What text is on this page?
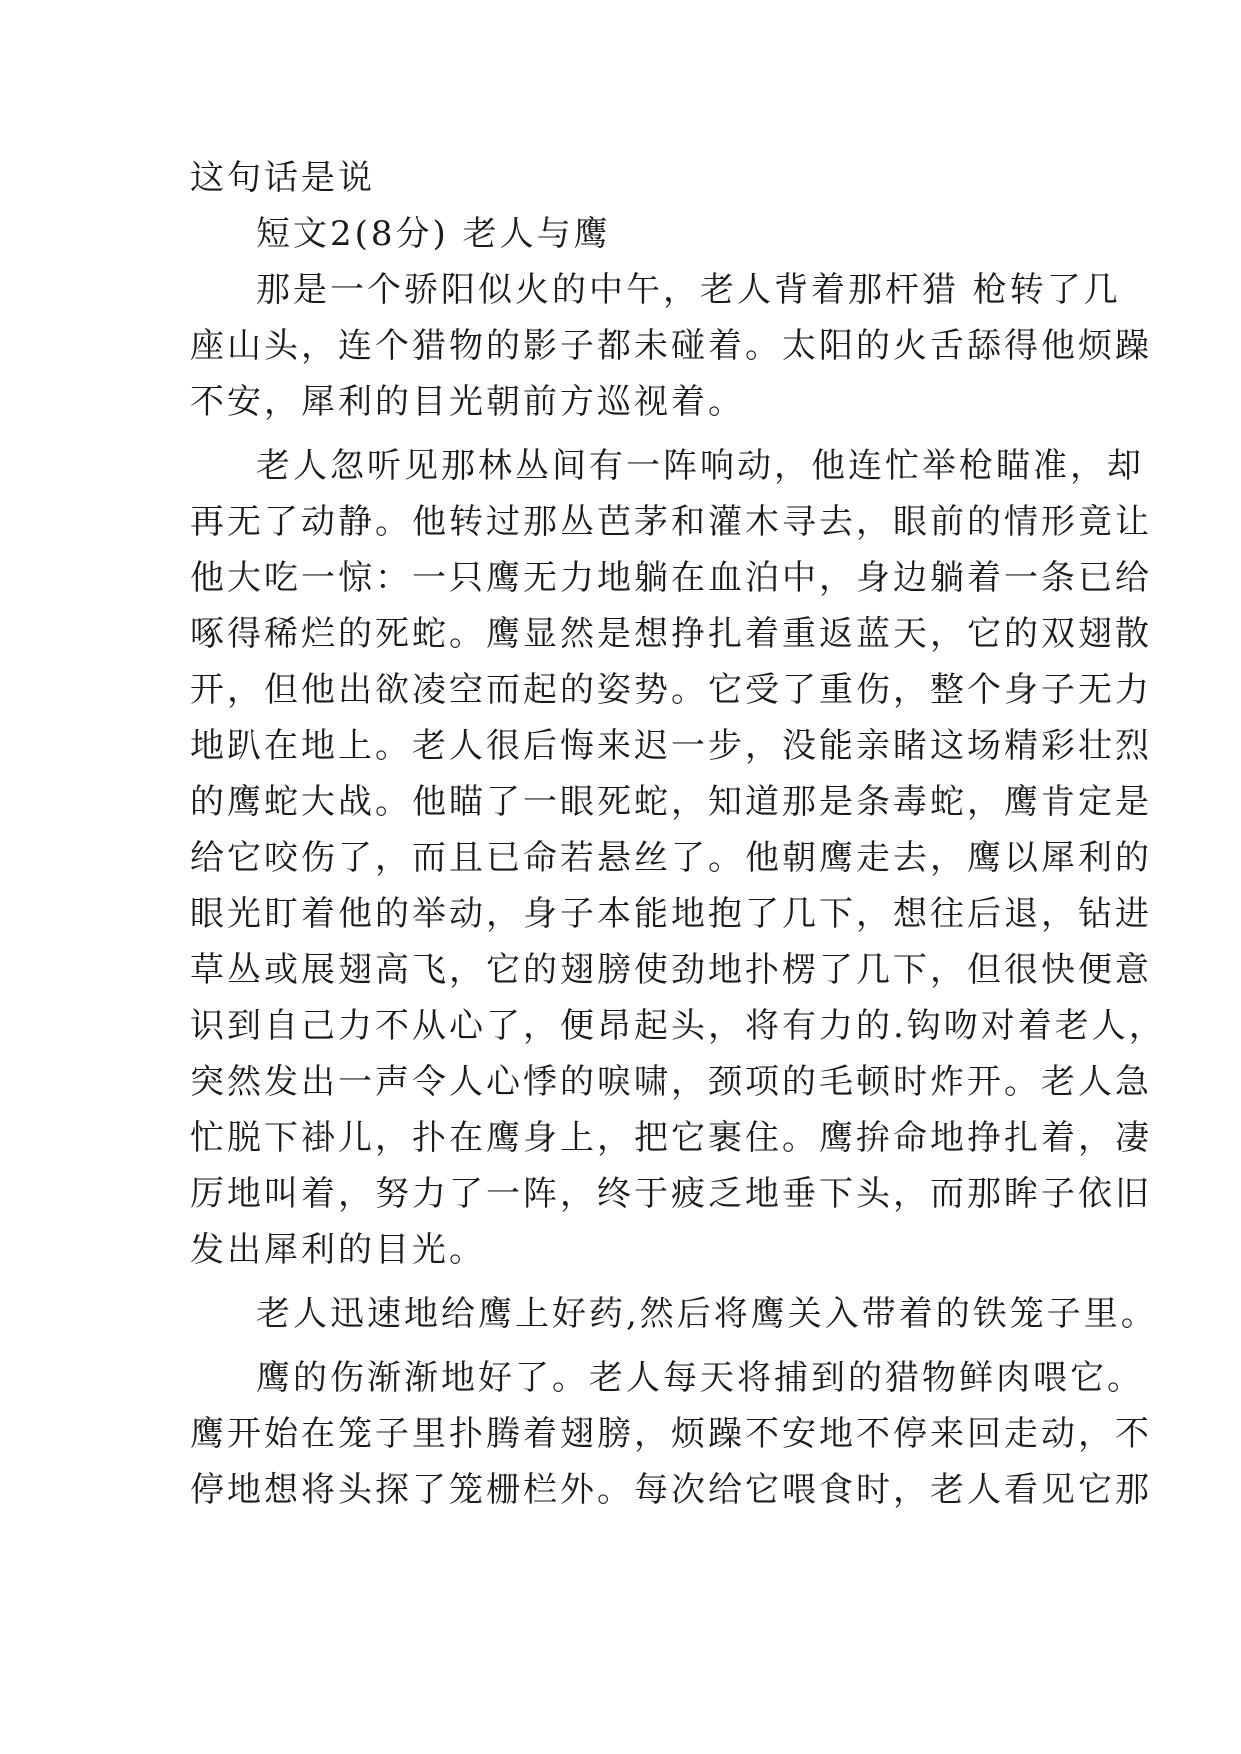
这句话是说
短文2(8分) 老人与鹰
那是一个骄阳似火的中午，老人背着那杆猎 枪转了几
座山头，连个猎物的影子都未碰着。太阳的火舌舔得他烦躁
不安，犀利的目光朝前方巡视着。
老人忽听见那林丛间有一阵响动，他连忙举枪瞄准，却
再无了动静。他转过那丛芭茅和灌木寻去，眼前的情形竟让
他大吃一惊：一只鹰无力地躺在血泊中，身边躺着一条已给
啄得稀烂的死蛇。鹰显然是想挣扎着重返蓝天，它的双翅散
开，但他出欲凌空而起的姿势。它受了重伤，整个身子无力
地趴在地上。老人很后悔来迟一步，没能亲睹这场精彩壮烈
的鹰蛇大战。他瞄了一眼死蛇，知道那是条毒蛇，鹰肯定是
给它咬伤了，而且已命若悬丝了。他朝鹰走去，鹰以犀利的
眼光盯着他的举动，身子本能地抱了几下，想往后退，钻进
草丛或展翅高飞，它的翅膀使劲地扑楞了几下，但很快便意
识到自己力不从心了，便昂起头，将有力的.钩吻对着老人，
突然发出一声令人心悸的唳啸，颈项的毛顿时炸开。老人急
忙脱下褂儿，扑在鹰身上，把它裹住。鹰拚命地挣扎着，凄
厉地叫着，努力了一阵，终于疲乏地垂下头，而那眸子依旧
发出犀利的目光。
老人迅速地给鹰上好药,然后将鹰关入带着的铁笼子里。
鹰的伤渐渐地好了。老人每天将捕到的猎物鲜肉喂它。
鹰开始在笼子里扑腾着翅膀，烦躁不安地不停来回走动，不
停地想将头探了笼栅栏外。每次给它喂食时，老人看见它那
